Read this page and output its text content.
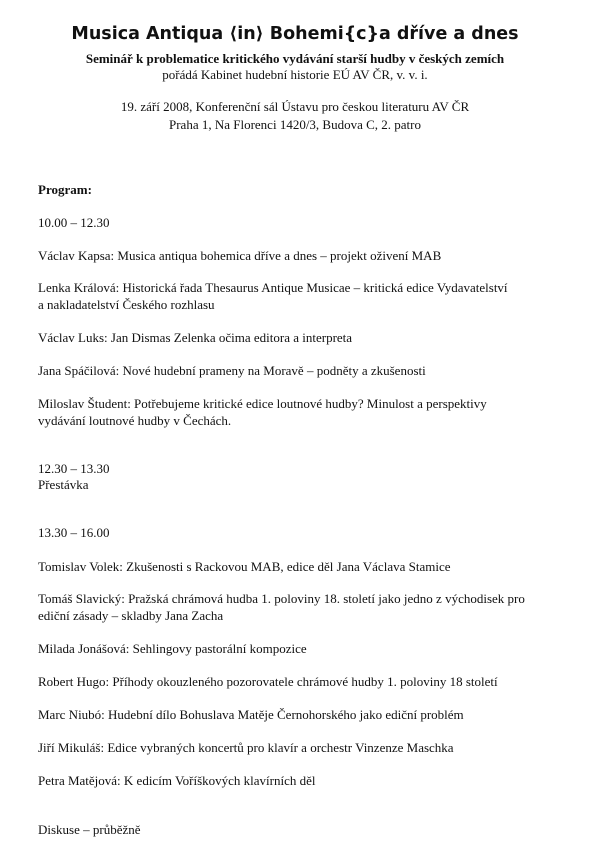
Musica Antiqua ⟨in⟩ Bohemi{c}a dříve a dnes
Seminář k problematice kritického vydávání starší hudby v českých zemích
pořádá Kabinet hudební historie EÚ AV ČR, v. v. i.
19. září 2008, Konferenční sál Ústavu pro českou literaturu AV ČR
Praha 1, Na Florenci 1420/3, Budova C, 2. patro
Program:
10.00 – 12.30
Václav Kapsa: Musica antiqua bohemica dříve a dnes – projekt oživení MAB
Lenka Králová: Historická řada Thesaurus Antique Musicae – kritická edice Vydavatelství
a nakladatelství Českého rozhlasu
Václav Luks: Jan Dismas Zelenka očima editora a interpreta
Jana Spáčilová: Nové hudební prameny na Moravě – podněty a zkušenosti
Miloslav Študent: Potřebujeme kritické edice loutnové hudby? Minulost a perspektivy
vydávání loutnové hudby v Čechách.
12.30 – 13.30
Přestávka
13.30 – 16.00
Tomislav Volek: Zkušenosti s Rackovou MAB, edice děl Jana Václava Stamice
Tomáš Slavický: Pražská chrámová hudba 1. poloviny 18. století jako jedno z východisek pro
ediční zásady – skladby Jana Zacha
Milada Jonášová: Sehlingovy pastorální kompozice
Robert Hugo: Příhody okouzleného pozorovatele chrámové hudby 1. poloviny 18 století
Marc Niubó: Hudební dílo Bohuslava Matěje Černohorského jako ediční problém
Jiří Mikuláš: Edice vybraných koncertů pro klavír a orchestr Vinzenze Maschka
Petra Matějová: K edicím Voříškových klavírních děl
Diskuse – průběžně
